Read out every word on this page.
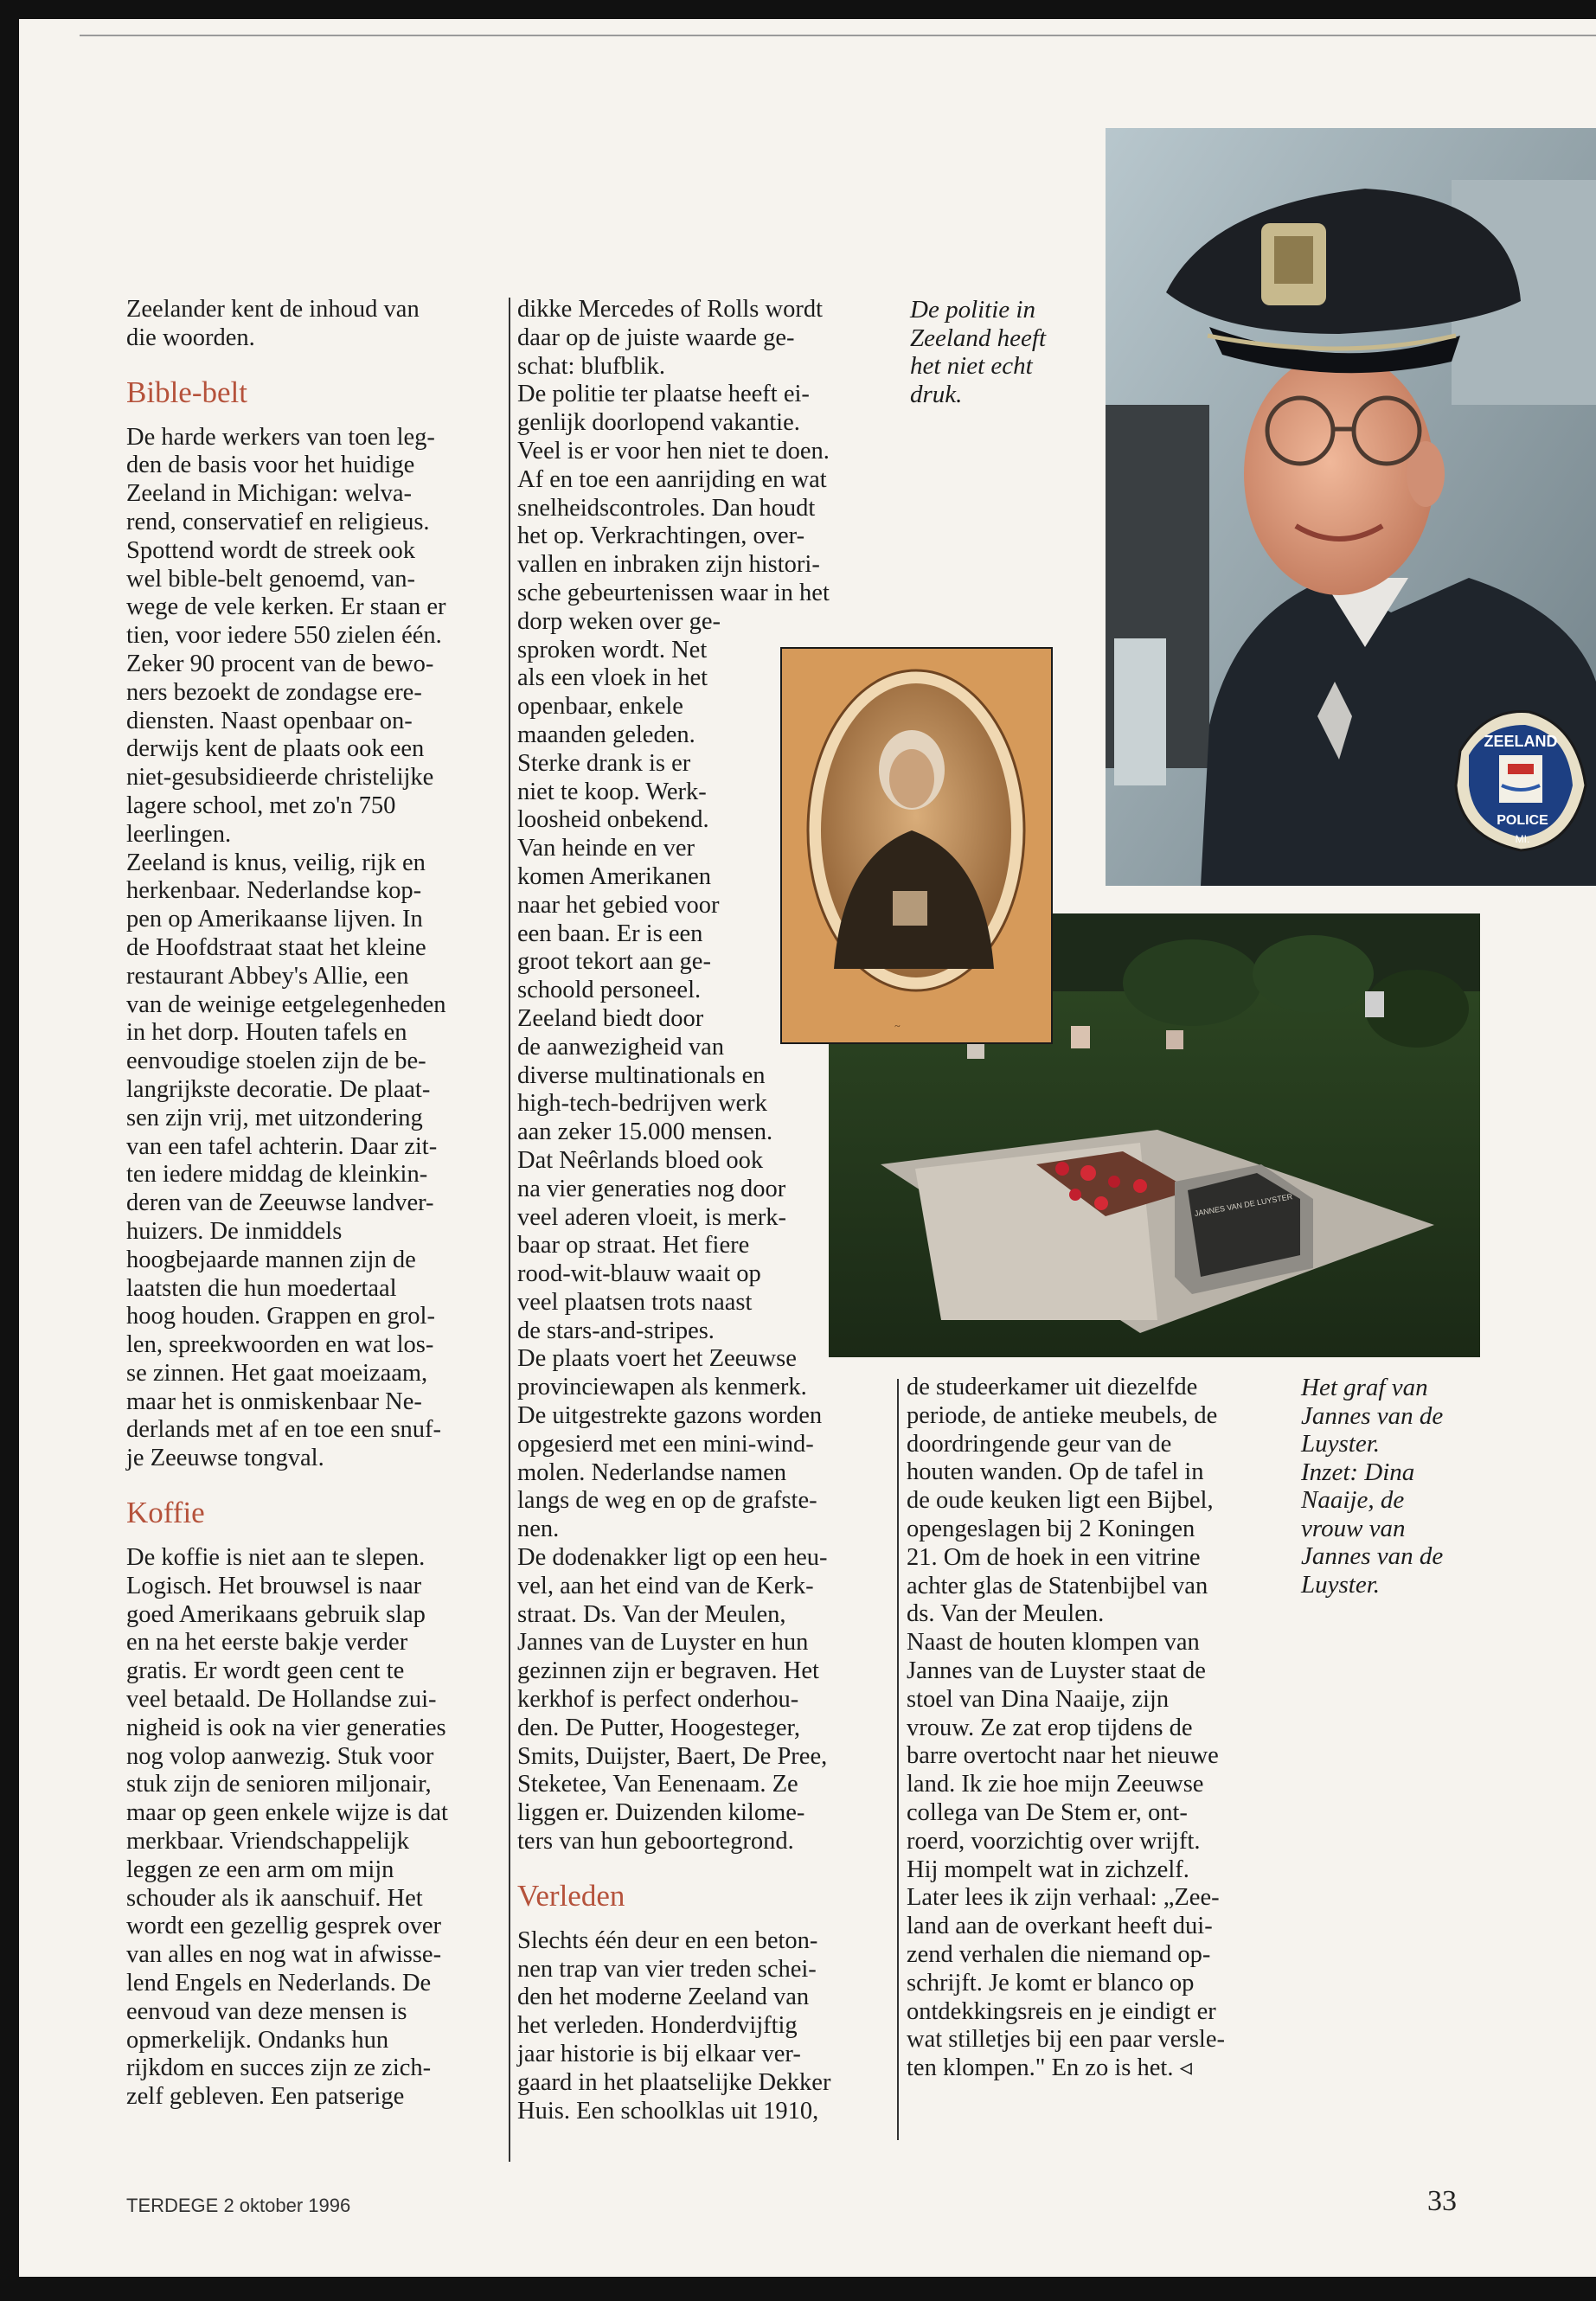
Zeelander kent de inhoud van
die woorden.
Bible-belt
De harde werkers van toen leg-
den de basis voor het huidige
Zeeland in Michigan: welva-
rend, conservatief en religieus.
Spottend wordt de streek ook
wel bible-belt genoemd, van-
wege de vele kerken. Er staan er
tien, voor iedere 550 zielen één.
Zeker 90 procent van de bewo-
ners bezoekt de zondagse ere-
diensten. Naast openbaar on-
derwijs kent de plaats ook een
niet-gesubsidieerde christelijke
lagere school, met zo'n 750
leerlingen.
Zeeland is knus, veilig, rijk en
herkenbaar. Nederlandse kop-
pen op Amerikaanse lijven. In
de Hoofdstraat staat het kleine
restaurant Abbey's Allie, een
van de weinige eetgelegenheden
in het dorp. Houten tafels en
eenvoudige stoelen zijn de be-
langrijkste decoratie. De plaat-
sen zijn vrij, met uitzondering
van een tafel achterin. Daar zit-
ten iedere middag de kleinkin-
deren van de Zeeuwse landver-
huizers. De inmiddels
hoogbejaarde mannen zijn de
laatsten die hun moedertaal
hoog houden. Grappen en grol-
len, spreekwoorden en wat los-
se zinnen. Het gaat moeizaam,
maar het is onmiskenbaar Ne-
derlands met af en toe een snuf-
je Zeeuwse tongval.
Koffie
De koffie is niet aan te slepen.
Logisch. Het brouwsel is naar
goed Amerikaans gebruik slap
en na het eerste bakje verder
gratis. Er wordt geen cent te
veel betaald. De Hollandse zui-
nigheid is ook na vier generaties
nog volop aanwezig. Stuk voor
stuk zijn de senioren miljonair,
maar op geen enkele wijze is dat
merkbaar. Vriendschappelijk
leggen ze een arm om mijn
schouder als ik aanschuif. Het
wordt een gezellig gesprek over
van alles en nog wat in afwisse-
lend Engels en Nederlands. De
eenvoud van deze mensen is
opmerkelijk. Ondanks hun
rijkdom en succes zijn ze zich-
zelf gebleven. Een patserige
dikke Mercedes of Rolls wordt
daar op de juiste waarde ge-
schat: blufblik.
De politie ter plaatse heeft ei-
genlijk doorlopend vakantie.
Veel is er voor hen niet te doen.
Af en toe een aanrijding en wat
snelheidscontroles. Dan houdt
het op. Verkrachtingen, over-
vallen en inbraken zijn histori-
sche gebeurtenissen waar in het
dorp weken over ge-
sproken wordt. Net
als een vloek in het
openbaar, enkele
maanden geleden.
Sterke drank is er
niet te koop. Werk-
loosheid onbekend.
Van heinde en ver
komen Amerikanen
naar het gebied voor
een baan. Er is een
groot tekort aan ge-
schoold personeel.
Zeeland biedt door
de aanwezigheid van
diverse multinationals en
high-tech-bedrijven werk
aan zeker 15.000 mensen.
Dat Neêrlands bloed ook
na vier generaties nog door
veel aderen vloeit, is merk-
baar op straat. Het fiere
rood-wit-blauw waait op
veel plaatsen trots naast
de stars-and-stripes.
De plaats voert het Zeeuwse
provinciewapen als kenmerk.
De uitgestrekte gazons worden
opgesierd met een mini-wind-
molen. Nederlandse namen
langs de weg en op de grafste-
nen.
De dodenakker ligt op een heu-
vel, aan het eind van de Kerk-
straat. Ds. Van der Meulen,
Jannes van de Luyster en hun
gezinnen zijn er begraven. Het
kerkhof is perfect onderhou-
den. De Putter, Hoogesteger,
Smits, Duijster, Baert, De Pree,
Steketee, Van Eenenaam. Ze
liggen er. Duizenden kilome-
ters van hun geboortegrond.
Verleden
Slechts één deur en een beton-
nen trap van vier treden schei-
den het moderne Zeeland van
het verleden. Honderdvijftig
jaar historie is bij elkaar ver-
gaard in het plaatselijke Dekker
Huis. Een schoolklas uit 1910,
De politie in
Zeeland heeft
het niet echt
druk.
ZEELAND
POLICE
MI.
JANNES VAN DE LUYSTER
~
de studeerkamer uit diezelfde
periode, de antieke meubels, de
doordringende geur van de
houten wanden. Op de tafel in
de oude keuken ligt een Bijbel,
opengeslagen bij 2 Koningen
21. Om de hoek in een vitrine
achter glas de Statenbijbel van
ds. Van der Meulen.
Naast de houten klompen van
Jannes van de Luyster staat de
stoel van Dina Naaije, zijn
vrouw. Ze zat erop tijdens de
barre overtocht naar het nieuwe
land. Ik zie hoe mijn Zeeuwse
collega van De Stem er, ont-
roerd, voorzichtig over wrijft.
Hij mompelt wat in zichzelf.
Later lees ik zijn verhaal: „Zee-
land aan de overkant heeft dui-
zend verhalen die niemand op-
schrijft. Je komt er blanco op
ontdekkingsreis en je eindigt er
wat stilletjes bij een paar versle-
ten klompen." En zo is het. ◃
Het graf van
Jannes van de
Luyster.
Inzet: Dina
Naaije, de
vrouw van
Jannes van de
Luyster.
TERDEGE 2 oktober 1996	33
